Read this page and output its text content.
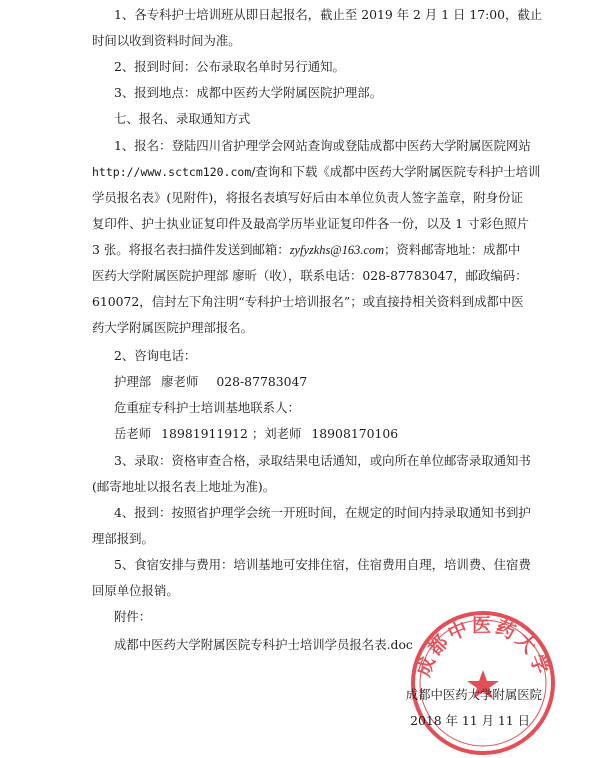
1、各专科护士培训班从即日起报名，截止至 2019 年 2 月 1 日 17:00，截止
时间以收到资料时间为准。
2、报到时间：公布录取名单时另行通知。
3、报到地点：成都中医药大学附属医院护理部。
七、报名、录取通知方式
1、报名：登陆四川省护理学会网站查询或登陆成都中医药大学附属医院网站
http://www.sctcm120.com/查询和下载《成都中医药大学附属医院专科护士培训
学员报名表》(见附件)，将报名表填写好后由本单位负责人签字盖章，附身份证
复印件、护士执业证复印件及最高学历毕业证复印件各一份，以及 1 寸彩色照片
3 张。将报名表扫描件发送到邮箱：zyfyzkhs@163.com；资料邮寄地址：成都中
医药大学附属医院护理部 廖昕（收），联系电话：028-87783047，邮政编码：
610072，信封左下角注明“专科护士培训报名”；或直接持相关资料到成都中医
药大学附属医院护理部报名。
2、咨询电话：
护理部 廖老师 028-87783047
危重症专科护士培训基地联系人：
岳老师 18981911912 ；刘老师 18908170106
3、录取：资格审查合格，录取结果电话通知，或向所在单位邮寄录取通知书
(邮寄地址以报名表上地址为准)。
4、报到：按照省护理学会统一开班时间，在规定的时间内持录取通知书到护
理部报到。
5、食宿安排与费用：培训基地可安排住宿，住宿费用自理，培训费、住宿费
回原单位报销。
附件：
成都中医药大学附属医院专科护士培训学员报名表.doc
成都中医药大学
成都中医药大学附属医院
2018 年 11 月 11 日
